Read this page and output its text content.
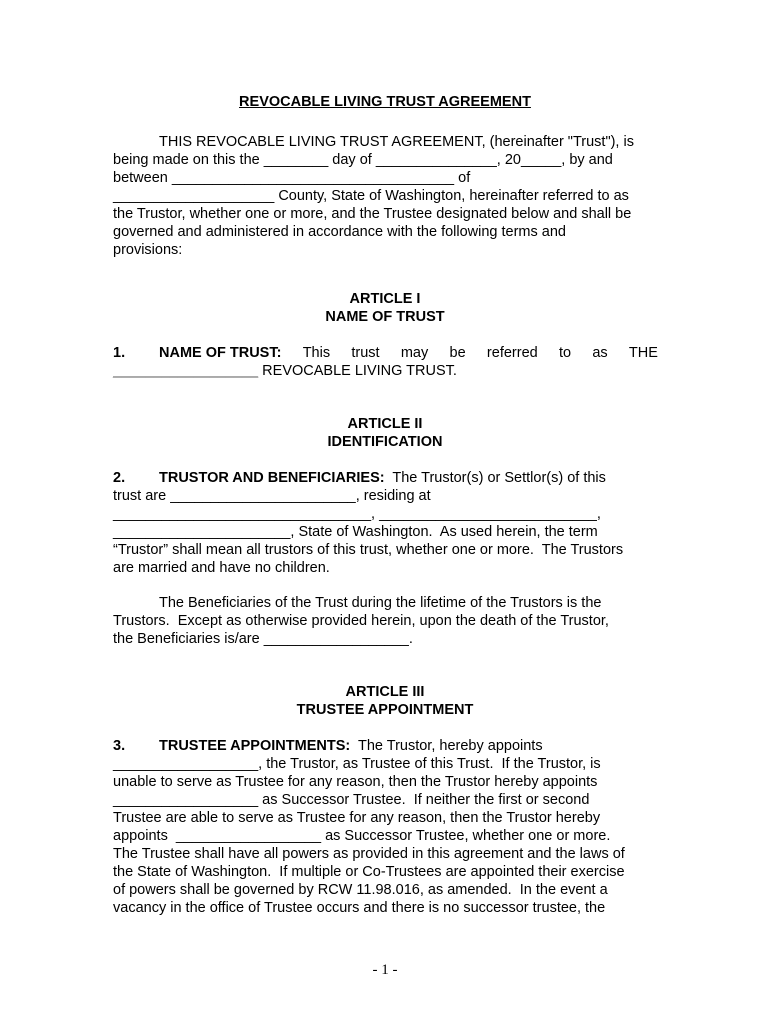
REVOCABLE LIVING TRUST AGREEMENT
THIS REVOCABLE LIVING TRUST AGREEMENT, (hereinafter "Trust"), is
being made on this the ________ day of _______________, 20_____, by and
between ___________________________________ of
____________________ County, State of Washington, hereinafter referred to as
the Trustor, whether one or more, and the Trustee designated below and shall be
governed and administered in accordance with the following terms and
provisions:
ARTICLE I
NAME OF TRUST
1. NAME OF TRUST: This trust may be referred to as THE
__________________ REVOCABLE LIVING TRUST.
ARTICLE II
IDENTIFICATION
2. TRUSTOR AND BENEFICIARIES:  The Trustor(s) or Settlor(s) of this
trust are _______________________, residing at
________________________________, ___________________________,
______________________, State of Washington.  As used herein, the term
“Trustor” shall mean all trustors of this trust, whether one or more.  The Trustors
are married and have no children.
The Beneficiaries of the Trust during the lifetime of the Trustors is the
Trustors.  Except as otherwise provided herein, upon the death of the Trustor,
the Beneficiaries is/are __________________.
ARTICLE III
TRUSTEE APPOINTMENT
3. TRUSTEE APPOINTMENTS:  The Trustor, hereby appoints
__________________, the Trustor, as Trustee of this Trust.  If the Trustor, is
unable to serve as Trustee for any reason, then the Trustor hereby appoints
__________________ as Successor Trustee.  If neither the first or second
Trustee are able to serve as Trustee for any reason, then the Trustor hereby
appoints  __________________ as Successor Trustee, whether one or more.
The Trustee shall have all powers as provided in this agreement and the laws of
the State of Washington.  If multiple or Co-Trustees are appointed their exercise
of powers shall be governed by RCW 11.98.016, as amended.  In the event a
vacancy in the office of Trustee occurs and there is no successor trustee, the
- 1 -
